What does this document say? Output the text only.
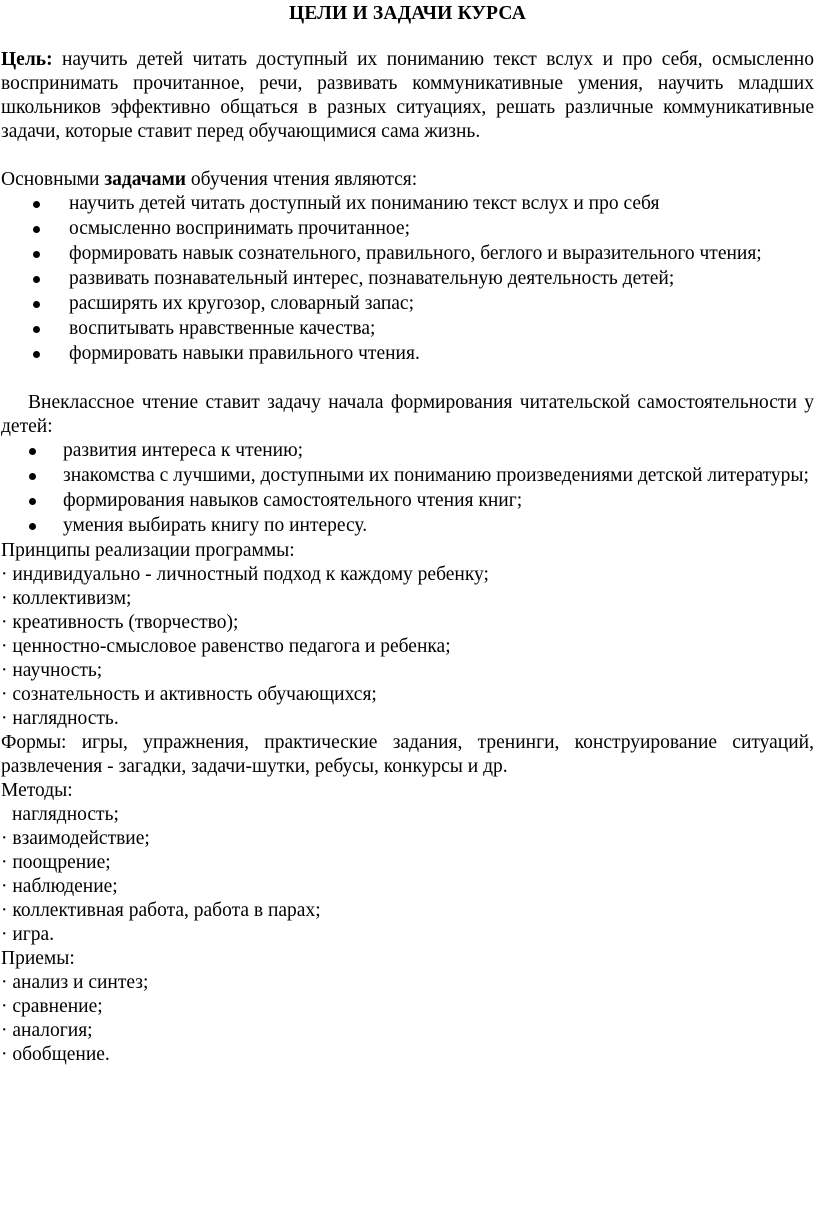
ЦЕЛИ И ЗАДАЧИ КУРСА

Цель: научить детей читать доступный их пониманию текст вслух и про себя, осмысленно воспринимать прочитанное, речи, развивать коммуникативные умения, научить младших школьников эффективно общаться в разных ситуациях, решать различные коммуникативные задачи, которые ставит перед обучающимися сама жизнь.

Основными задачами обучения чтения являются:

научить детей читать доступный их пониманию текст вслух и про себя
осмысленно воспринимать прочитанное;
формировать навык сознательного, правильного, беглого и выразительного чтения;
развивать познавательный интерес, познавательную деятельность детей;
расширять их кругозор, словарный запас;
воспитывать нравственные качества;
формировать навыки правильного чтения.

Внеклассное чтение ставит задачу начала формирования читательской самостоятельности у детей:

развития интереса к чтению;
знакомства с лучшими, доступными их пониманию произведениями детской литературы;
формирования навыков самостоятельного чтения книг;
умения выбирать книгу по интересу.

Принципы реализации программы:

· индивидуально - личностный подход к каждому ребенку;

· коллективизм;

· креативность (творчество);

· ценностно-смысловое равенство педагога и ребенка;

· научность;

· сознательность и активность обучающихся;

· наглядность.

Формы: игры, упражнения, практические задания, тренинги, конструирование ситуаций, развлечения - загадки, задачи-шутки, ребусы, конкурсы и др.

Методы:

наглядность;

· взаимодействие;

· поощрение;

· наблюдение;

· коллективная работа, работа в парах;

· игра.

Приемы:

· анализ и синтез;

· сравнение;

· аналогия;

· обобщение.
